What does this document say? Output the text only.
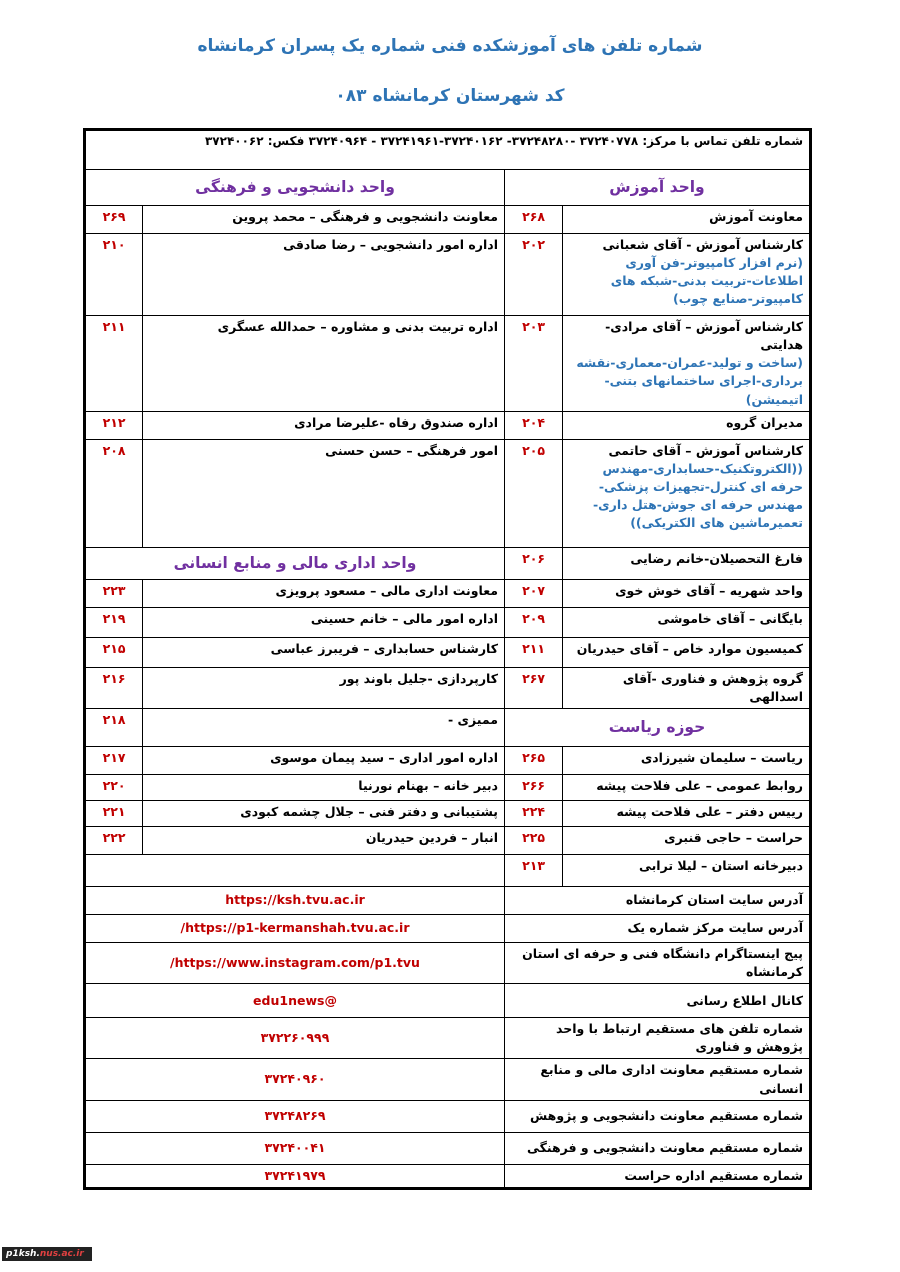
شماره تلفن های آموزشکده فنی شماره یک پسران کرمانشاه
کد شهرستان کرمانشاه ۰۸۳
شماره تلفن تماس با مرکز: ۳۷۲۴۰۷۷۸ -۳۷۲۴۸۲۸۰- ۳۷۲۴۰۱۶۲-۳۷۲۴۱۹۶۱ - ۳۷۲۴۰۹۶۴ فکس: ۳۷۲۴۰۰۶۲			
واحد آموزش		واحد دانشجویی و فرهنگی	
معاونت آموزش	۲۶۸	معاونت دانشجویی و فرهنگی – محمد پروین	۲۶۹
کارشناس آموزش - آقای شعبانی
(نرم افزار کامپیوتر-فن آوری اطلاعات-تربیت بدنی-شبکه های کامپیوتر-صنایع چوب)	۲۰۲	اداره امور دانشجویی – رضا صادقی	۲۱۰
کارشناس آموزش – آقای مرادی-هدایتی
(ساخت و تولید-عمران-معماری-نقشه برداری-اجرای ساختمانهای بتنی-اتیمیشن)	۲۰۳	اداره تربیت بدنی و مشاوره – حمدالله عسگری	۲۱۱
مدیران گروه	۲۰۴	اداره صندوق رفاه -علیرضا مرادی	۲۱۲
کارشناس آموزش – آقای حاتمی
((الکتروتکنیک-حسابداری-مهندس حرفه ای کنترل-تجهیزات پزشکی-مهندس حرفه ای جوش-هتل داری-تعمیرماشین های الکتریکی))	۲۰۵	امور فرهنگی – حسن حسنی	۲۰۸
فارغ التحصیلان-خانم رضایی	۲۰۶	واحد اداری مالی و منابع انسانی	
واحد شهریه – آقای خوش خوی	۲۰۷	معاونت اداری مالی – مسعود پرویزی	۲۲۳
بایگانی – آقای خاموشی	۲۰۹	اداره امور مالی – خانم حسینی	۲۱۹
کمیسیون موارد خاص – آقای حیدریان	۲۱۱	کارشناس حسابداری – فریبرز عباسی	۲۱۵
گروه پژوهش و فناوری -آقای اسدالهی	۲۶۷	کارپردازی -جلیل باوند پور	۲۱۶
حوزه ریاست		ممیزی -	۲۱۸
ریاست – سلیمان شیرزادی	۲۶۵	اداره امور اداری – سید پیمان موسوی	۲۱۷
روابط عمومی – علی فلاحت پیشه	۲۶۶	دبیر خانه – بهنام نورنیا	۲۲۰
رییس دفتر – علی فلاحت پیشه	۲۲۴	پشتیبانی و دفتر فنی – جلال چشمه کبودی	۲۲۱
حراست – حاجی قنبری	۲۲۵	انبار – فردین حیدریان	۲۲۲
دبیرخانه استان – لیلا ترابی	۲۱۳		
آدرس سایت استان کرمانشاه		https://ksh.tvu.ac.ir	
آدرس سایت مرکز شماره یک		https://p1-kermanshah.tvu.ac.ir/	
پیج اینستاگرام دانشگاه فنی و حرفه ای استان کرمانشاه		https://www.instagram.com/p1.tvu/	
کانال اطلاع رسانی		@edu1news	
شماره تلفن های مستقیم ارتباط با واحد پژوهش و فناوری		۳۷۲۲۶۰۹۹۹	
شماره مستقیم معاونت اداری مالی و منابع انسانی		۳۷۲۴۰۹۶۰	
شماره مستقیم معاونت دانشجویی و پژوهش		۳۷۲۴۸۲۶۹	
شماره مستقیم معاونت دانشجویی و فرهنگی		۳۷۲۴۰۰۴۱	
شماره مستقیم اداره حراست		۳۷۲۴۱۹۷۹	
p1ksh.nus.ac.ir
